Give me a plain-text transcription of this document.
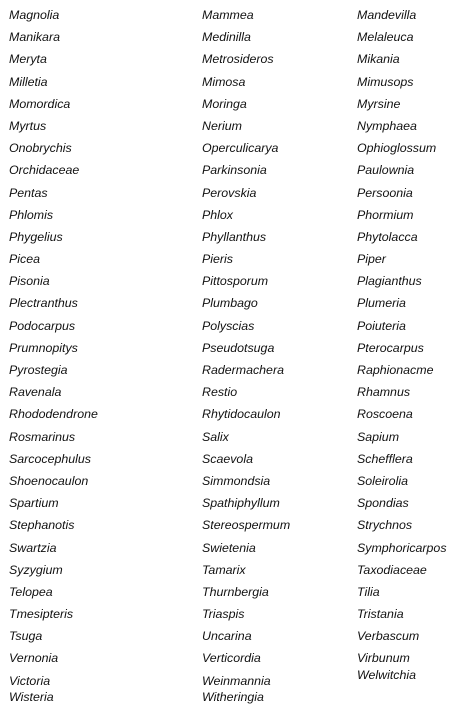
Magnolia
Manikara
Meryta
Milletia
Momordica
Myrtus
Onobrychis
Orchidaceae
Pentas
Phlomis
Phygelius
Picea
Pisonia
Plectranthus
Podocarpus
Prumnopitys
Pyrostegia
Ravenala
Rhododendrone
Rosmarinus
Sarcocephulus
Shoenocaulon
Spartium
Stephanotis
Swartzia
Syzygium
Telopea
Tmesipteris
Tsuga
Vernonia
Victoria
Wisteria
Mammea
Medinilla
Metrosideros
Mimosa
Moringa
Nerium
Operculicarya
Parkinsonia
Perovskia
Phlox
Phyllanthus
Pieris
Pittosporum
Plumbago
Polyscias
Pseudotsuga
Radermachera
Restio
Rhytidocaulon
Salix
Scaevola
Simmondsia
Spathiphyllum
Stereospermum
Swietenia
Tamarix
Thurnbergia
Triaspis
Uncarina
Verticordia
Weinmannia
Witheringia
Mandevilla
Melaleuca
Mikania
Mimusops
Myrsine
Nymphaea
Ophioglossum
Paulownia
Persoonia
Phormium
Phytolacca
Piper
Plagianthus
Plumeria
Poiuteria
Pterocarpus
Raphionacme
Rhamnus
Roscoena
Sapium
Schefflera
Soleirolia
Spondias
Strychnos
Symphoricarpos
Taxodiaceae
Tilia
Tristania
Verbascum
Virbunum
Welwitchia
